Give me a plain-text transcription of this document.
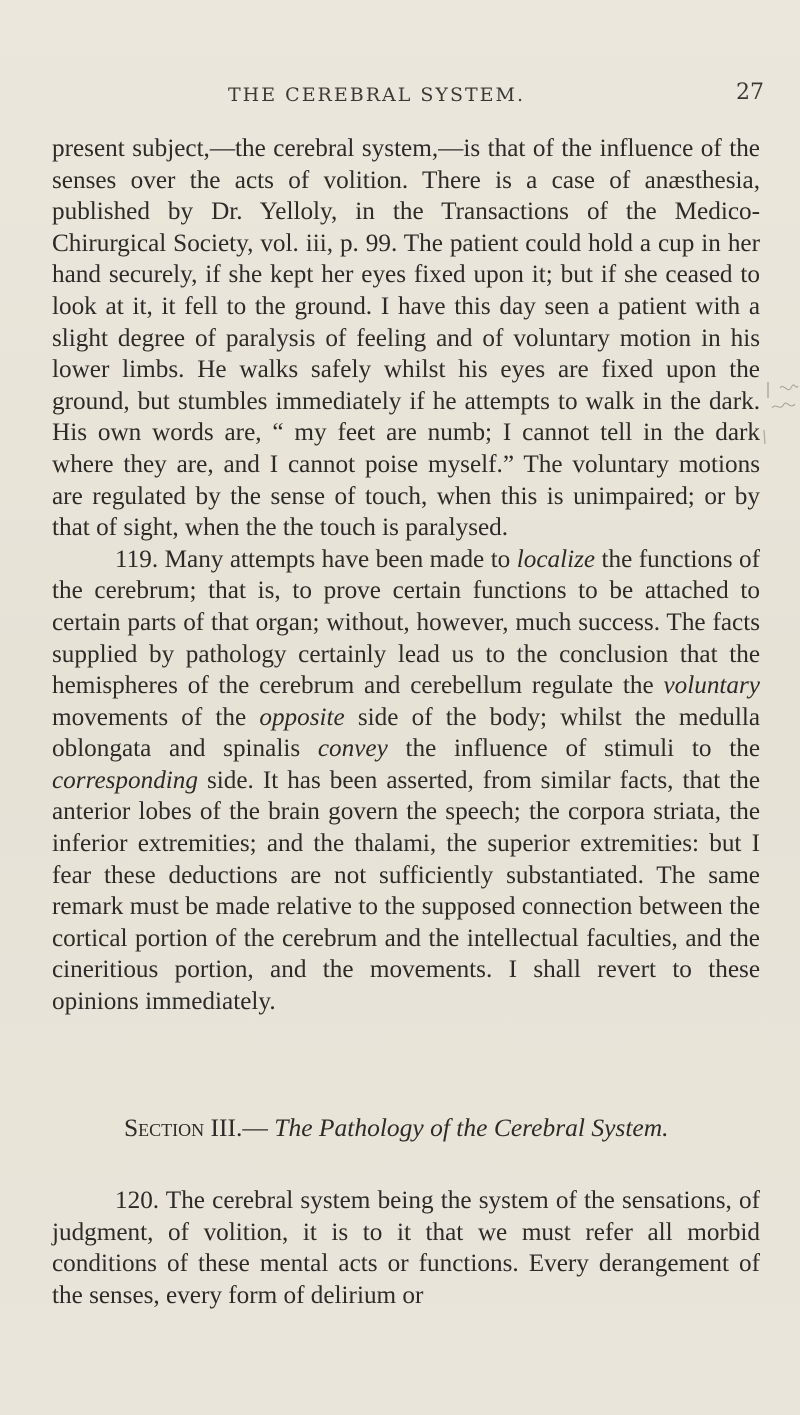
THE CEREBRAL SYSTEM.	27

present subject,—the cerebral system,—is that of the influence of the senses over the acts of volition. There is a case of anæsthesia, published by Dr. Yelloly, in the Transactions of the Medico-Chirurgical Society, vol. iii, p. 99. The patient could hold a cup in her hand securely, if she kept her eyes fixed upon it; but if she ceased to look at it, it fell to the ground. I have this day seen a patient with a slight degree of paralysis of feeling and of voluntary motion in his lower limbs. He walks safely whilst his eyes are fixed upon the ground, but stumbles immediately if he attempts to walk in the dark. His own words are, “ my feet are numb; I cannot tell in the dark where they are, and I cannot poise myself.” The voluntary motions are regulated by the sense of touch, when this is unimpaired; or by that of sight, when the the touch is paralysed.

119. Many attempts have been made to localize the functions of the cerebrum; that is, to prove certain functions to be attached to certain parts of that organ; without, however, much success. The facts supplied by pathology certainly lead us to the conclusion that the hemispheres of the cerebrum and cerebellum regulate the voluntary movements of the opposite side of the body; whilst the medulla oblongata and spinalis convey the influence of stimuli to the corresponding side. It has been asserted, from similar facts, that the anterior lobes of the brain govern the speech; the corpora striata, the inferior extremities; and the thalami, the superior extremities: but I fear these deductions are not sufficiently substantiated. The same remark must be made relative to the supposed connection between the cortical portion of the cerebrum and the intellectual faculties, and the cineritious portion, and the movements. I shall revert to these opinions immediately.

Section III.— The Pathology of the Cerebral System.

120. The cerebral system being the system of the sensations, of judgment, of volition, it is to it that we must refer all morbid conditions of these mental acts or functions. Every derangement of the senses, every form of delirium or
